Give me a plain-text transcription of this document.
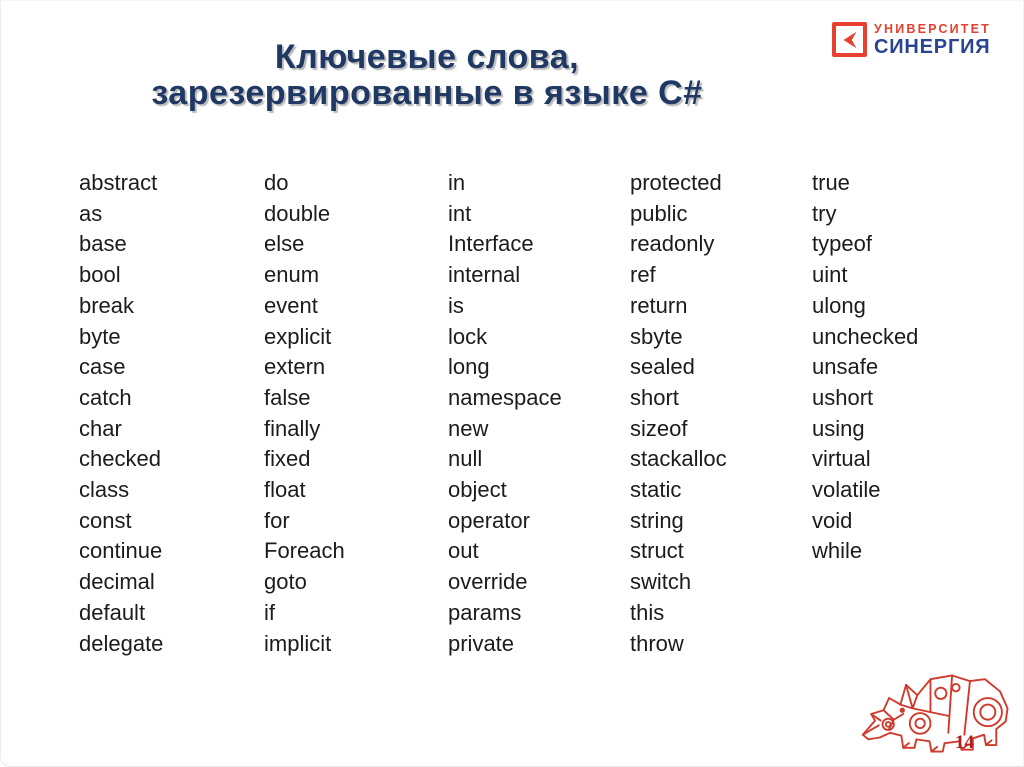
Ключевые слова,
зарезервированные в языке C#
УНИВЕРСИТЕТ
СИНЕРГИЯ
abstract
as
base
bool
break
byte
case
catch
char
checked
class
const
continue
decimal
default
delegate
do
double
else
enum
event
explicit
extern
false
finally
fixed
float
for
Foreach
goto
if
implicit
in
int
Interface
internal
is
lock
long
namespace
new
null
object
operator
out
override
params
private
protected
public
readonly
ref
return
sbyte
sealed
short
sizeof
stackalloc
static
string
struct
switch
this
throw
true
try
typeof
uint
ulong
unchecked
unsafe
ushort
using
virtual
volatile
void
while
14
